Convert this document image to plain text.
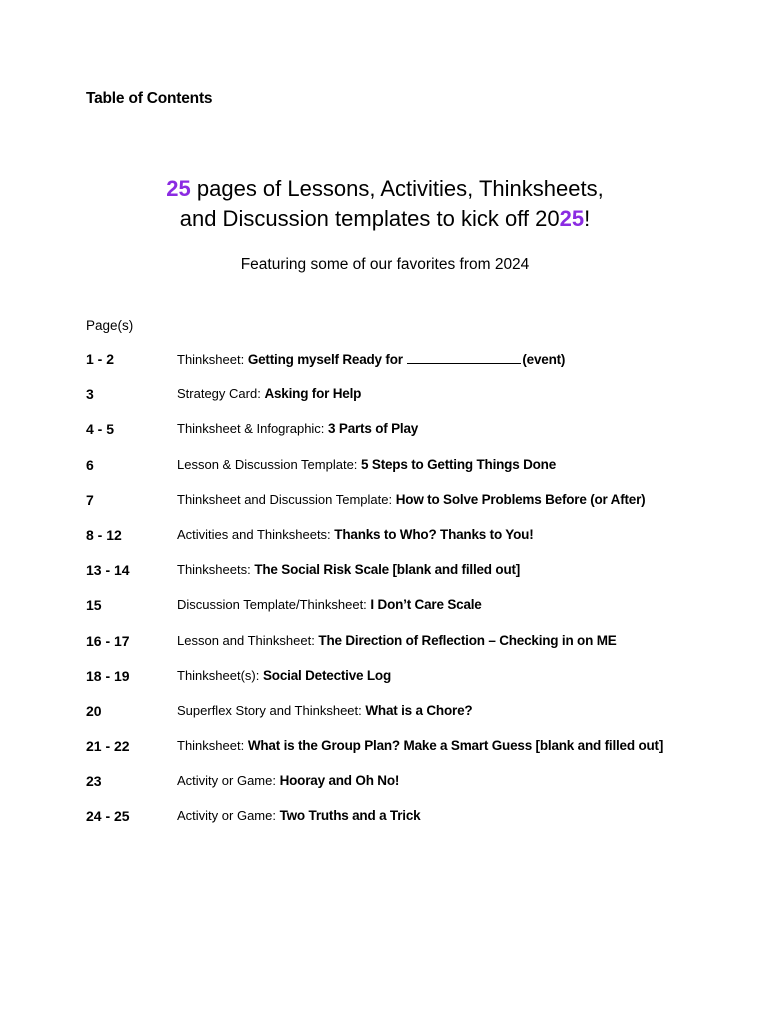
Table of Contents
25 pages of Lessons, Activities, Thinksheets,
and Discussion templates to kick off 2025!
Featuring some of our favorites from 2024
Page(s)
1 - 2	Thinksheet: Getting myself Ready for	(event)
3	Strategy Card: Asking for Help
4 - 5	Thinksheet & Infographic: 3 Parts of Play
6	Lesson & Discussion Template: 5 Steps to Getting Things Done
7	Thinksheet and Discussion Template: How to Solve Problems Before (or After)
8 - 12	Activities and Thinksheets: Thanks to Who? Thanks to You!
13 - 14	Thinksheets: The Social Risk Scale [blank and filled out]
15	Discussion Template/Thinksheet: I Don’t Care Scale
16 - 17	Lesson and Thinksheet: The Direction of Reflection – Checking in on ME
18 - 19	Thinksheet(s): Social Detective Log
20	Superflex Story and Thinksheet: What is a Chore?
21 - 22	Thinksheet: What is the Group Plan? Make a Smart Guess [blank and filled out]
23	Activity or Game: Hooray and Oh No!
24 - 25	Activity or Game: Two Truths and a Trick
